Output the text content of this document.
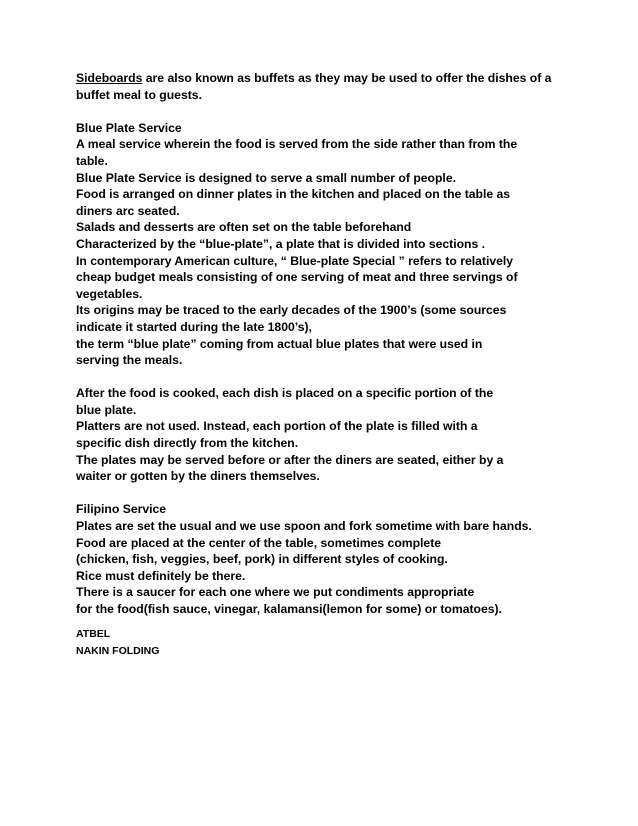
Sideboards are also known as buffets as they may be used to offer the dishes of a
buffet meal to guests.
Blue Plate Service
A meal service wherein the food is served from the side rather than from the
table.
Blue Plate Service is designed to serve a small number of people.
Food is arranged on dinner plates in the kitchen and placed on the table as
diners arc seated.
Salads and desserts are often set on the table beforehand
Characterized by the “blue-plate”, a plate that is divided into sections .
In contemporary American culture, “ Blue-plate Special ” refers to relatively
cheap budget meals consisting of one serving of meat and three servings of
vegetables.
Its origins may be traced to the early decades of the 1900’s (some sources
indicate it started during the late 1800’s),
the term “blue plate” coming from actual blue plates that were used in
serving the meals.
After the food is cooked, each dish is placed on a specific portion of the
blue plate.
Platters are not used. Instead, each portion of the plate is filled with a
specific dish directly from the kitchen.
The plates may be served before or after the diners are seated, either by a
waiter or gotten by the diners themselves.
Filipino Service
Plates are set the usual and we use spoon and fork sometime with bare hands.
Food are placed at the center of the table, sometimes complete
(chicken, fish, veggies, beef, pork) in different styles of cooking.
Rice must definitely be there.
There is a saucer for each one where we put condiments appropriate
for the food(fish sauce, vinegar, kalamansi(lemon for some) or tomatoes).
ATBEL
NAKIN FOLDING
